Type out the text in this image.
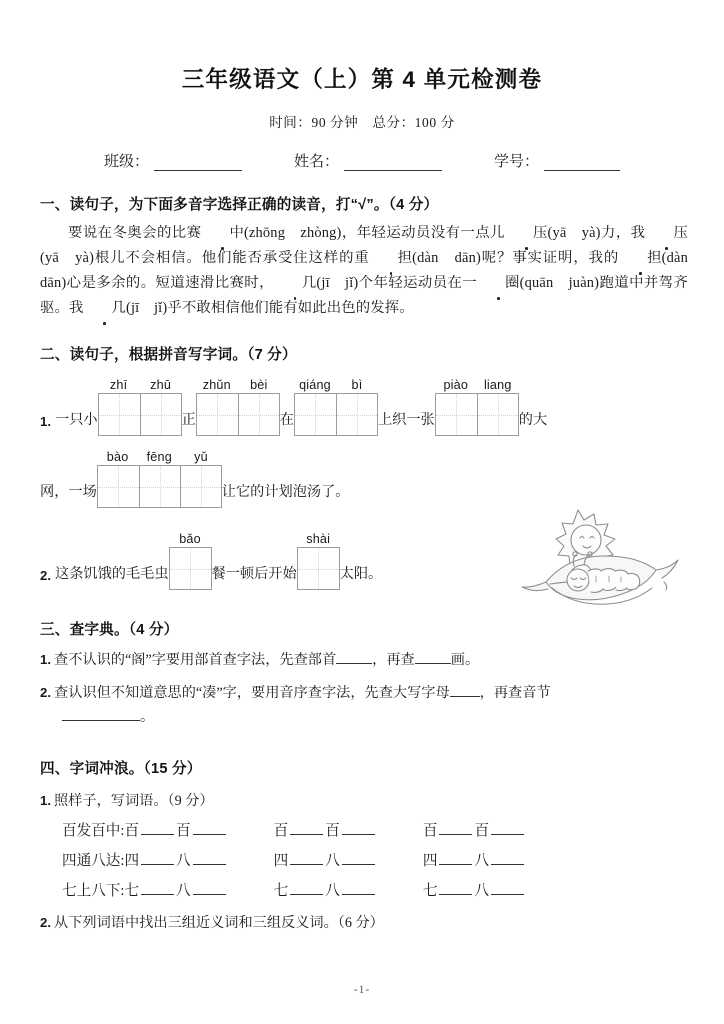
三年级语文（上）第 4 单元检测卷
时间：90 分钟 总分：100 分
班级：	姓名：	学号：
一、读句子，为下面多音字选择正确的读音，打“√”。（4 分）
要说在冬奥会的比赛 中(zhōng　zhòng)，年轻运动员没有一点儿 压(yā　yà)力，我 压(yā　yà)根儿不会相信。他们能否承受住这样的重 担(dàn　dān)呢？事实证明，我的 担(dàn　dān)心是多余的。短道速滑比赛时， 几(jī　jǐ)个年轻运动员在一 圈(quān　juàn)跑道中并驾齐驱。我 几(jī　jǐ)乎不敢相信他们能有如此出色的发挥。
二、读句子，根据拼音写字词。（7 分）
1. 一只小
zhī	zhū
正
zhǔn	bèi
在
qiáng	bì
上织一张
piào	liang
的大
网，一场
bào	fēng	yǔ
让它的计划泡汤了。
2. 这条饥饿的毛毛虫
bǎo
餐一顿后开始
shài
太阳。
三、查字典。（4 分）
1. 查不认识的“阁”字要用部首查字法，先查部首	，再查	画。
2. 查认识但不知道意思的“凑”字，要用音序查字法，先查大写字母 ，再查音节
。
四、字词冲浪。（15 分）
1. 照样子，写词语。（9 分）
百发百中: 百	百	百	百	百	百
四通八达: 四	八	四	八	四	八
七上八下: 七	八	七	八	七	八
2. 从下列词语中找出三组近义词和三组反义词。（6 分）
-1-
